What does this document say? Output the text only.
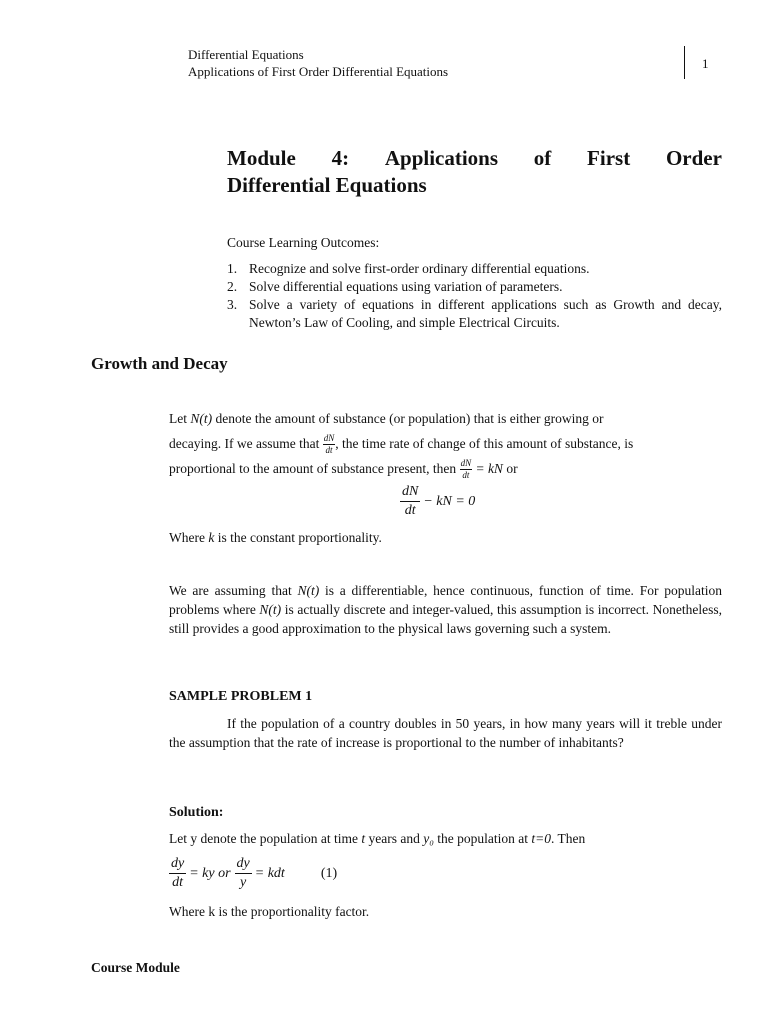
Differential Equations
Applications of First Order Differential Equations
1
Module 4: Applications of First Order
Differential Equations
Course Learning Outcomes:
1. Recognize and solve first-order ordinary differential equations.
2. Solve differential equations using variation of parameters.
3. Solve a variety of equations in different applications such as Growth and decay, Newton’s Law of Cooling, and simple Electrical Circuits.
Growth and Decay
Let N(t) denote the amount of substance (or population) that is either growing or
decaying. If we assume that $\frac{dN}{dt}$ , the time rate of change of this amount of substance, is
proportional to the amount of substance present, then $\frac{dN}{dt}$ = kN or
$\frac{dN}{dt}$ − kN = 0
Where k is the constant proportionality.
We are assuming that N(t) is a differentiable, hence continuous, function of time. For population problems where N(t) is actually discrete and integer-valued, this assumption is incorrect. Nonetheless, still provides a good approximation to the physical laws governing such a system.
SAMPLE PROBLEM 1
If the population of a country doubles in 50 years, in how many years will it treble under the assumption that the rate of increase is proportional to the number of inhabitants?
Solution:
Let y denote the population at time t years and y₀ the population at t=0. Then
$\frac{dy}{dt}$ = ky or $\frac{dy}{y}$ = kdt	(1)
Where k is the proportionality factor.
Course Module
